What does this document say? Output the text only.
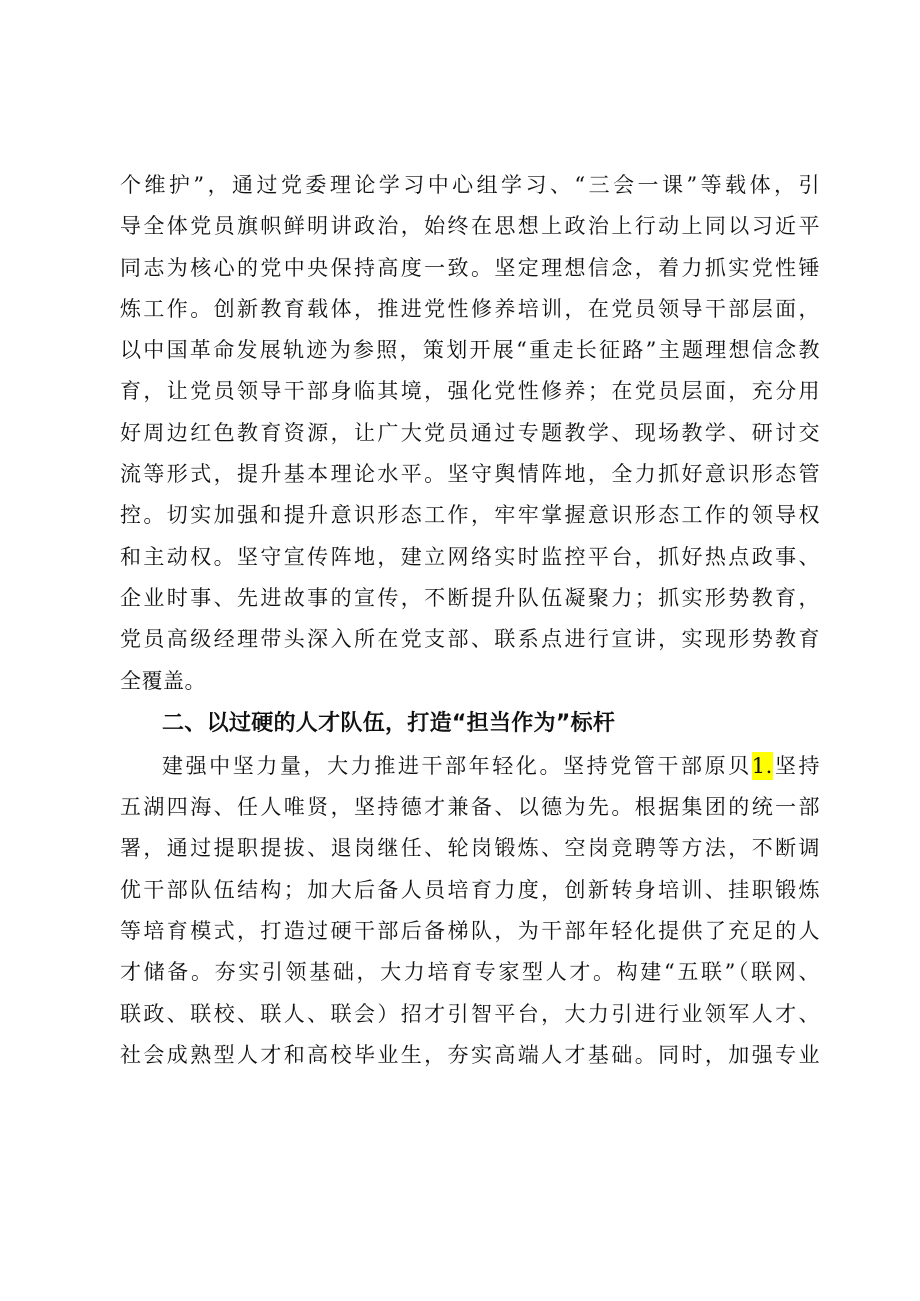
个维护”，通过党委理论学习中心组学习、“三会一课”等载体，引
导全体党员旗帜鲜明讲政治，始终在思想上政治上行动上同以习近平
同志为核心的党中央保持高度一致。坚定理想信念，着力抓实党性锤
炼工作。创新教育载体，推进党性修养培训，在党员领导干部层面，
以中国革命发展轨迹为参照，策划开展“重走长征路”主题理想信念教
育，让党员领导干部身临其境，强化党性修养；在党员层面，充分用
好周边红色教育资源，让广大党员通过专题教学、现场教学、研讨交
流等形式，提升基本理论水平。坚守舆情阵地，全力抓好意识形态管
控。切实加强和提升意识形态工作，牢牢掌握意识形态工作的领导权
和主动权。坚守宣传阵地，建立网络实时监控平台，抓好热点政事、
企业时事、先进故事的宣传，不断提升队伍凝聚力；抓实形势教育，
党员高级经理带头深入所在党支部、联系点进行宣讲，实现形势教育
全覆盖。
二、以过硬的人才队伍，打造“担当作为”标杆
建强中坚力量，大力推进干部年轻化。坚持党管干部原贝1.坚持
五湖四海、任人唯贤，坚持德才兼备、以德为先。根据集团的统一部
署，通过提职提拔、退岗继任、轮岗锻炼、空岗竞聘等方法，不断调
优干部队伍结构；加大后备人员培育力度，创新转身培训、挂职锻炼
等培育模式，打造过硬干部后备梯队，为干部年轻化提供了充足的人
才储备。夯实引领基础，大力培育专家型人才。构建“五联”（联网、
联政、联校、联人、联会）招才引智平台，大力引进行业领军人才、
社会成熟型人才和高校毕业生，夯实高端人才基础。同时，加强专业
